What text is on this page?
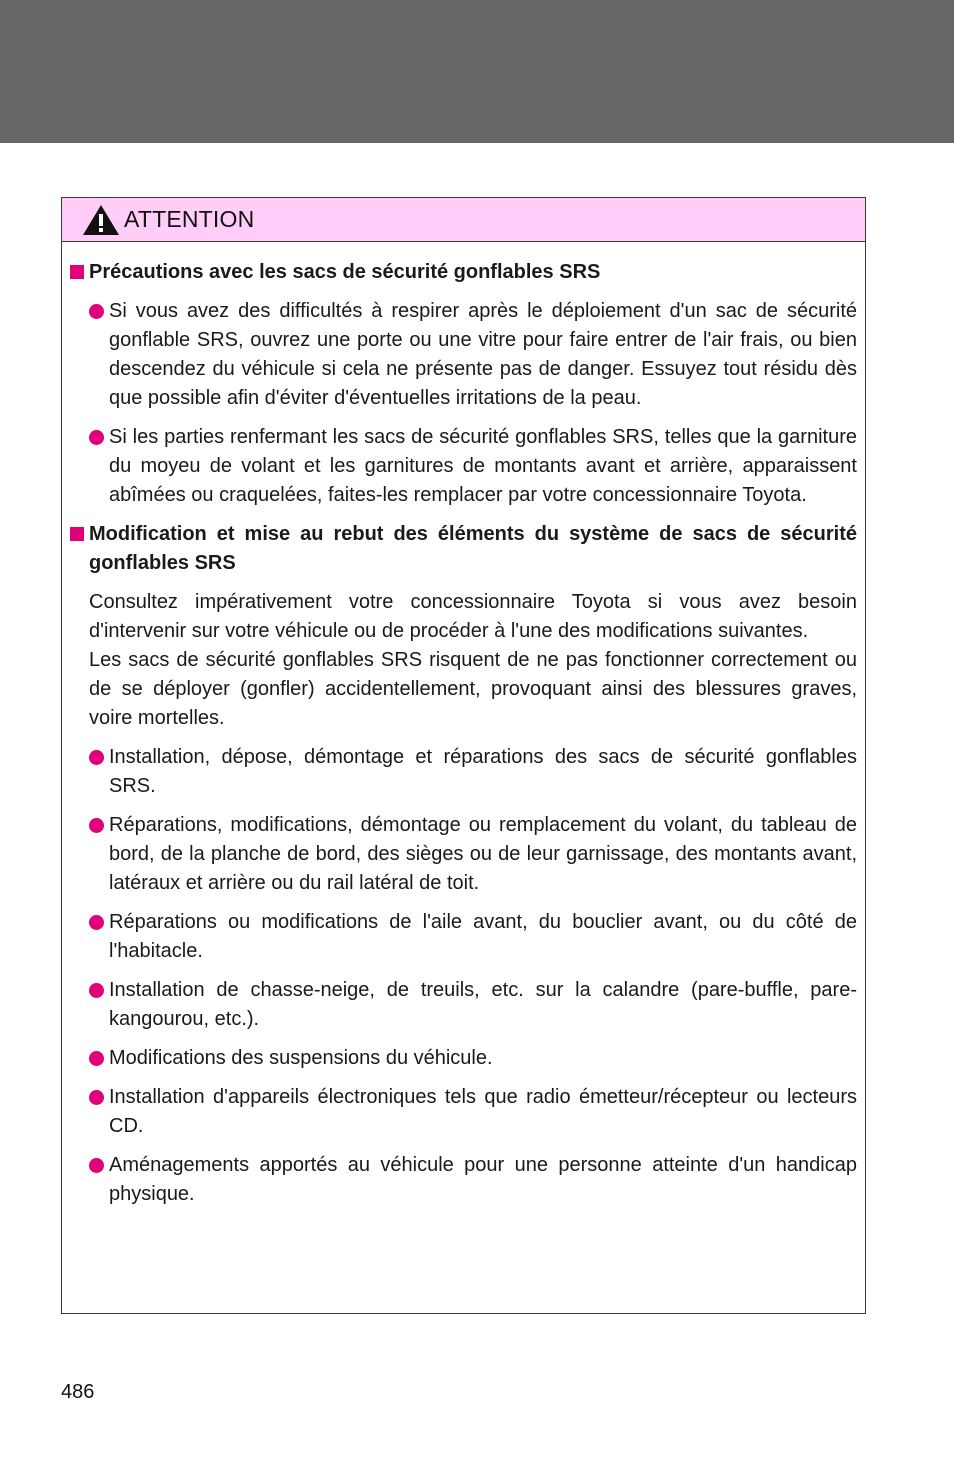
ATTENTION
Précautions avec les sacs de sécurité gonflables SRS
Si vous avez des difficultés à respirer après le déploiement d'un sac de sécurité gonflable SRS, ouvrez une porte ou une vitre pour faire entrer de l'air frais, ou bien descendez du véhicule si cela ne présente pas de danger. Essuyez tout résidu dès que possible afin d'éviter d'éventuelles irritations de la peau.
Si les parties renfermant les sacs de sécurité gonflables SRS, telles que la garniture du moyeu de volant et les garnitures de montants avant et arrière, apparaissent abîmées ou craquelées, faites-les remplacer par votre concessionnaire Toyota.
Modification et mise au rebut des éléments du système de sacs de sécurité gonflables SRS
Consultez impérativement votre concessionnaire Toyota si vous avez besoin d'intervenir sur votre véhicule ou de procéder à l'une des modifications suivantes.
Les sacs de sécurité gonflables SRS risquent de ne pas fonctionner correctement ou de se déployer (gonfler) accidentellement, provoquant ainsi des blessures graves, voire mortelles.
Installation, dépose, démontage et réparations des sacs de sécurité gonflables SRS.
Réparations, modifications, démontage ou remplacement du volant, du tableau de bord, de la planche de bord, des sièges ou de leur garnissage, des montants avant, latéraux et arrière ou du rail latéral de toit.
Réparations ou modifications de l'aile avant, du bouclier avant, ou du côté de l'habitacle.
Installation de chasse-neige, de treuils, etc. sur la calandre (pare-buffle, pare-kangourou, etc.).
Modifications des suspensions du véhicule.
Installation d'appareils électroniques tels que radio émetteur/récepteur ou lecteurs CD.
Aménagements apportés au véhicule pour une personne atteinte d'un handicap physique.
486
